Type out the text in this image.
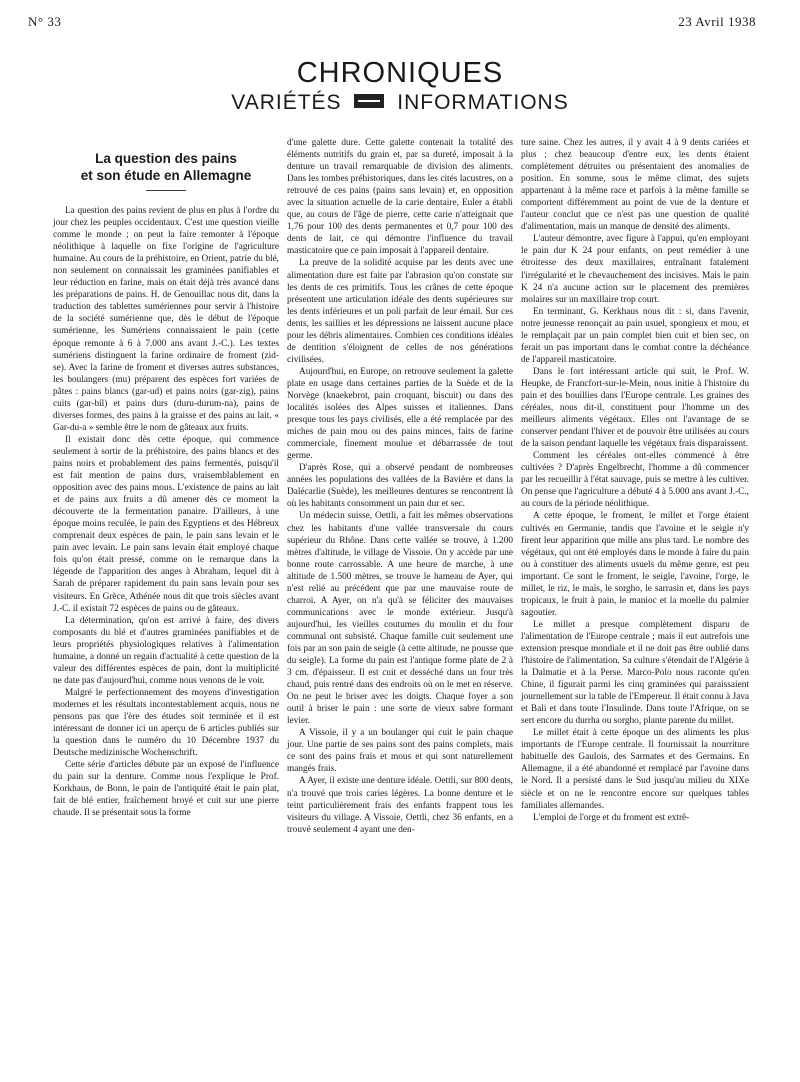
N° 33	23 Avril 1938
CHRONIQUES
VARIÉTÉS	INFORMATIONS
La question des pains
et son étude en Allemagne

La question des pains revient de plus en plus à l'ordre du jour chez les peuples occidentaux. C'est une question vieille comme le monde ; on peut la faire remonter à l'époque néolithique à laquelle on fixe l'origine de l'agriculture humaine. Au cours de la préhistoire, en Orient, patrie du blé, non seulement on connaissait les graminées panifiables et leur réduction en farine, mais on était déjà très avancé dans les préparations de pains. H. de Genouillac nous dit, dans la traduction des tablettes sumériennes pour servir à l'histoire de la société sumérienne que, dès le début de l'époque sumérienne, les Sumériens connaissaient le pain (cette époque remonte à 6 à 7.000 ans avant J.-C.). Les textes sumériens distinguent la farine ordinaire de froment (zid-se). Avec la farine de froment et diverses autres substances, les boulangers (mu) préparent des espèces fort variées de pâtes : pains blancs (gar-ud) et pains noirs (gar-zig), pains cuits (gar-bil) et pains durs (duru-durum-na), pains de diverses formes, des pains à la graisse et des pains au lait. « Gar-du-a » semble être le nom de gâteaux aux fruits.

Il existait donc dès cette époque, qui commence seulement à sortir de la préhistoire, des pains blancs et des pains noirs et probablement des pains fermentés, puisqu'il est fait mention de pains durs, vraisemblablement en opposition avec des pains mous. L'existence de pains au lait et de pains aux fruits a dû amener dès ce moment la découverte de la fermentation panaire. D'ailleurs, à une époque moins reculée, le pain des Egyptiens et des Hébreux comprenait deux espèces de pain, le pain sans levain et le pain avec levain. Le pain sans levain était employé chaque fois qu'on était pressé, comme on le remarque dans la légende de l'apparition des anges à Abraham, lequel dit à Sarah de préparer rapidement du pain sans levain pour ses visiteurs. En Grèce, Athénée nous dit que trois siècles avant J.-C. il existait 72 espèces de pains ou de gâteaux.

La détermination, qu'on est arrivé à faire, des divers composants du blé et d'autres graminées panifiables et de leurs propriétés physiologiques relatives à l'alimentation humaine, a donné un regain d'actualité à cette question de la valeur des différentes espèces de pain, dont la multiplicité ne date pas d'aujourd'hui, comme nous venons de le voir.

Malgré le perfectionnement des moyens d'investigation modernes et les résultats incontestablement acquis, nous ne pensons pas que l'ère des études soit terminée et il est intéressant de donner ici un aperçu de 6 articles publiés sur la question dans le numéro du 10 Décembre 1937 du Deutsche medizinische Wochenschrift.

Cette série d'articles débute par un exposé de l'influence du pain sur la denture. Comme nous l'explique le Prof. Korkhaus, de Bonn, le pain de l'antiquité était le pain plat, fait de blé entier, fraîchement broyé et cuit sur une pierre chaude. Il se présentait sous la forme

d'une galette dure. Cette galette contenait la totalité des éléments nutritifs du grain et, par sa dureté, imposait à la denture un travail remarquable de division des aliments. Dans les tombes préhistoriques, dans les cités lacustres, on a retrouvé de ces pains (pains sans levain) et, en opposition avec la situation actuelle de la carie dentaire, Euler a établi que, au cours de l'âge de pierre, cette carie n'atteignait que 1,76 pour 100 des dents permanentes et 0,7 pour 100 des dents de lait, ce qui démontre l'influence du travail masticatoire que ce pain imposait à l'appareil dentaire.

La preuve de la solidité acquise par les dents avec une alimentation dure est faite par l'abrasion qu'on constate sur les dents de ces primitifs. Tous les crânes de cette époque présentent une articulation idéale des dents supérieures sur les dents inférieures et un poli parfait de leur émail. Sur ces dents, les saillies et les dépressions ne laissent aucune place pour les débris alimentaires. Combien ces conditions idéales de dentition s'éloignent de celles de nos générations civilisées.

Aujourd'hui, en Europe, on retrouve seulement la galette plate en usage dans certaines parties de la Suède et de la Norvège (knaekebrot, pain croquant, biscuit) ou dans des localités isolées des Alpes suisses et italiennes. Dans presque tous les pays civilisés, elle a été remplacée par des miches de pain mou ou des pains minces, faits de farine commerciale, finement moulue et débarrassée de tout germe.

D'après Rose, qui a observé pendant de nombreuses années les populations des vallées de la Bavière et dans la Dalécarlie (Suède), les meilleures dentures se rencontrent là où les habitants consomment un pain dur et sec.

Un médecin suisse, Oettli, a fait les mêmes observations chez les habitants d'une vallée transversale du cours supérieur du Rhône. Dans cette vallée se trouve, à 1.200 mètres d'altitude, le village de Vissoie. On y accède par une bonne route carrossable. A une heure de marche, à une altitude de 1.500 mètres, se trouve le hameau de Ayer, qui n'est relié au précédent que par une mauvaise route de charroi. A Ayer, on n'a qu'à se féliciter des mauvaises communications avec le monde extérieur. Jusqu'à aujourd'hui, les vieilles coutumes du moulin et du four communal ont subsisté. Chaque famille cuit seulement une fois par an son pain de seigle (à cette altitude, ne pousse que du seigle). La forme du pain est l'antique forme plate de 2 à 3 cm. d'épaisseur. Il est cuit et desséché dans un four très chaud, puis rentré dans des endroits où on le met en réserve. On ne peut le briser avec les doigts. Chaque foyer a son outil à briser le pain : une sorte de vieux sabre formant levier.

A Vissoie, il y a un boulanger qui cuit le pain chaque jour. Une partie de ses pains sont des pains complets, mais ce sont des pains frais et mous et qui sont naturellement mangés frais.

A Ayer, il existe une denture idéale. Oettli, sur 800 dents, n'a trouvé que trois caries légères. La bonne denture et le teint particulièrement frais des enfants frappent tous les visiteurs du village. A Vissoie, Oettli, chez 36 enfants, en a trouvé seulement 4 ayant une den-

ture saine. Chez les autres, il y avait 4 à 9 dents cariées et plus ; chez beaucoup d'entre eux, les dents étaient complètement détruites ou présentaient des anomalies de position. En somme, sous le même climat, des sujets appartenant à la même race et parfois à la même famille se comportent différemment au point de vue de la denture et l'auteur conclut que ce n'est pas une question de qualité d'alimentation, mais un manque de densité des aliments.

L'auteur démontre, avec figure à l'appui, qu'en employant le pain dur K 24 pour enfants, on peut remédier à une étroitesse des deux maxillaires, entraînant fatalement l'irrégularité et le chevauchement des incisives. Mais le pain K 24 n'a aucune action sur le placement des premières molaires sur un maxillaire trop court.

En terminant, G. Kerkhaus nous dit : si, dans l'avenir, notre jeunesse renonçait au pain usuel, spongieux et mou, et le remplaçait par un pain complet bien cuit et bien sec, on ferait un pas important dans le combat contre la déchéance de l'appareil masticatoire.

Dans le fort intéressant article qui suit, le Prof. W. Heupke, de Francfort-sur-le-Mein, nous initie à l'histoire du pain et des bouillies dans l'Europe centrale. Les graines des céréales, nous dit-il, constituent pour l'homme un des meilleurs aliments végétaux. Elles ont l'avantage de se conserver pendant l'hiver et de pouvoir être utilisées au cours de la saison pendant laquelle les végétaux frais disparaissent.

Comment les céréales ont-elles commencé à être cultivées ? D'après Engelbrecht, l'homme a dû commencer par les recueillir à l'état sauvage, puis se mettre à les cultiver. On pense que l'agriculture a débuté 4 à 5.000 ans avant J.-C., au cours de la période néolithique.

A cette époque, le froment, le millet et l'orge étaient cultivés en Germanie, tandis que l'avoine et le seigle n'y firent leur apparition que mille ans plus tard. Le nombre des végétaux, qui ont été employés dans le monde à faire du pain ou à constituer des aliments usuels du même genre, est peu important. Ce sont le froment, le seigle, l'avoine, l'orge, le millet, le riz, le maïs, le sorgho, le sarrasin et, dans les pays tropicaux, le fruit à pain, le manioc et la moelle du palmier sagoutier.

Le millet a presque complètement disparu de l'alimentation de l'Europe centrale ; mais il eut autrefois une extension presque mondiale et il ne doit pas être oublié dans l'histoire de l'alimentation. Sa culture s'étendait de l'Algérie à la Dalmatie et à la Perse. Marco-Polo nous raconte qu'en Chine, il figurait parmi les cinq graminées qui paraissaient journellement sur la table de l'Empereur. Il était connu à Java et Bali et dans toute l'Insulinde. Dans toute l'Afrique, on se sert encore du durrha ou sorgho, plante parente du millet.

Le millet était à cette époque un des aliments les plus importants de l'Europe centrale. Il fournissait la nourriture habituelle des Gaulois, des Sarmates et des Germains. En Allemagne, il a été abandonné et remplacé par l'avoine dans le Nord. Il a persisté dans le Sud jusqu'au milieu du XIXe siècle et on ne le rencontre encore sur quelques tables familiales allemandes.

L'emploi de l'orge et du froment est extrê-
